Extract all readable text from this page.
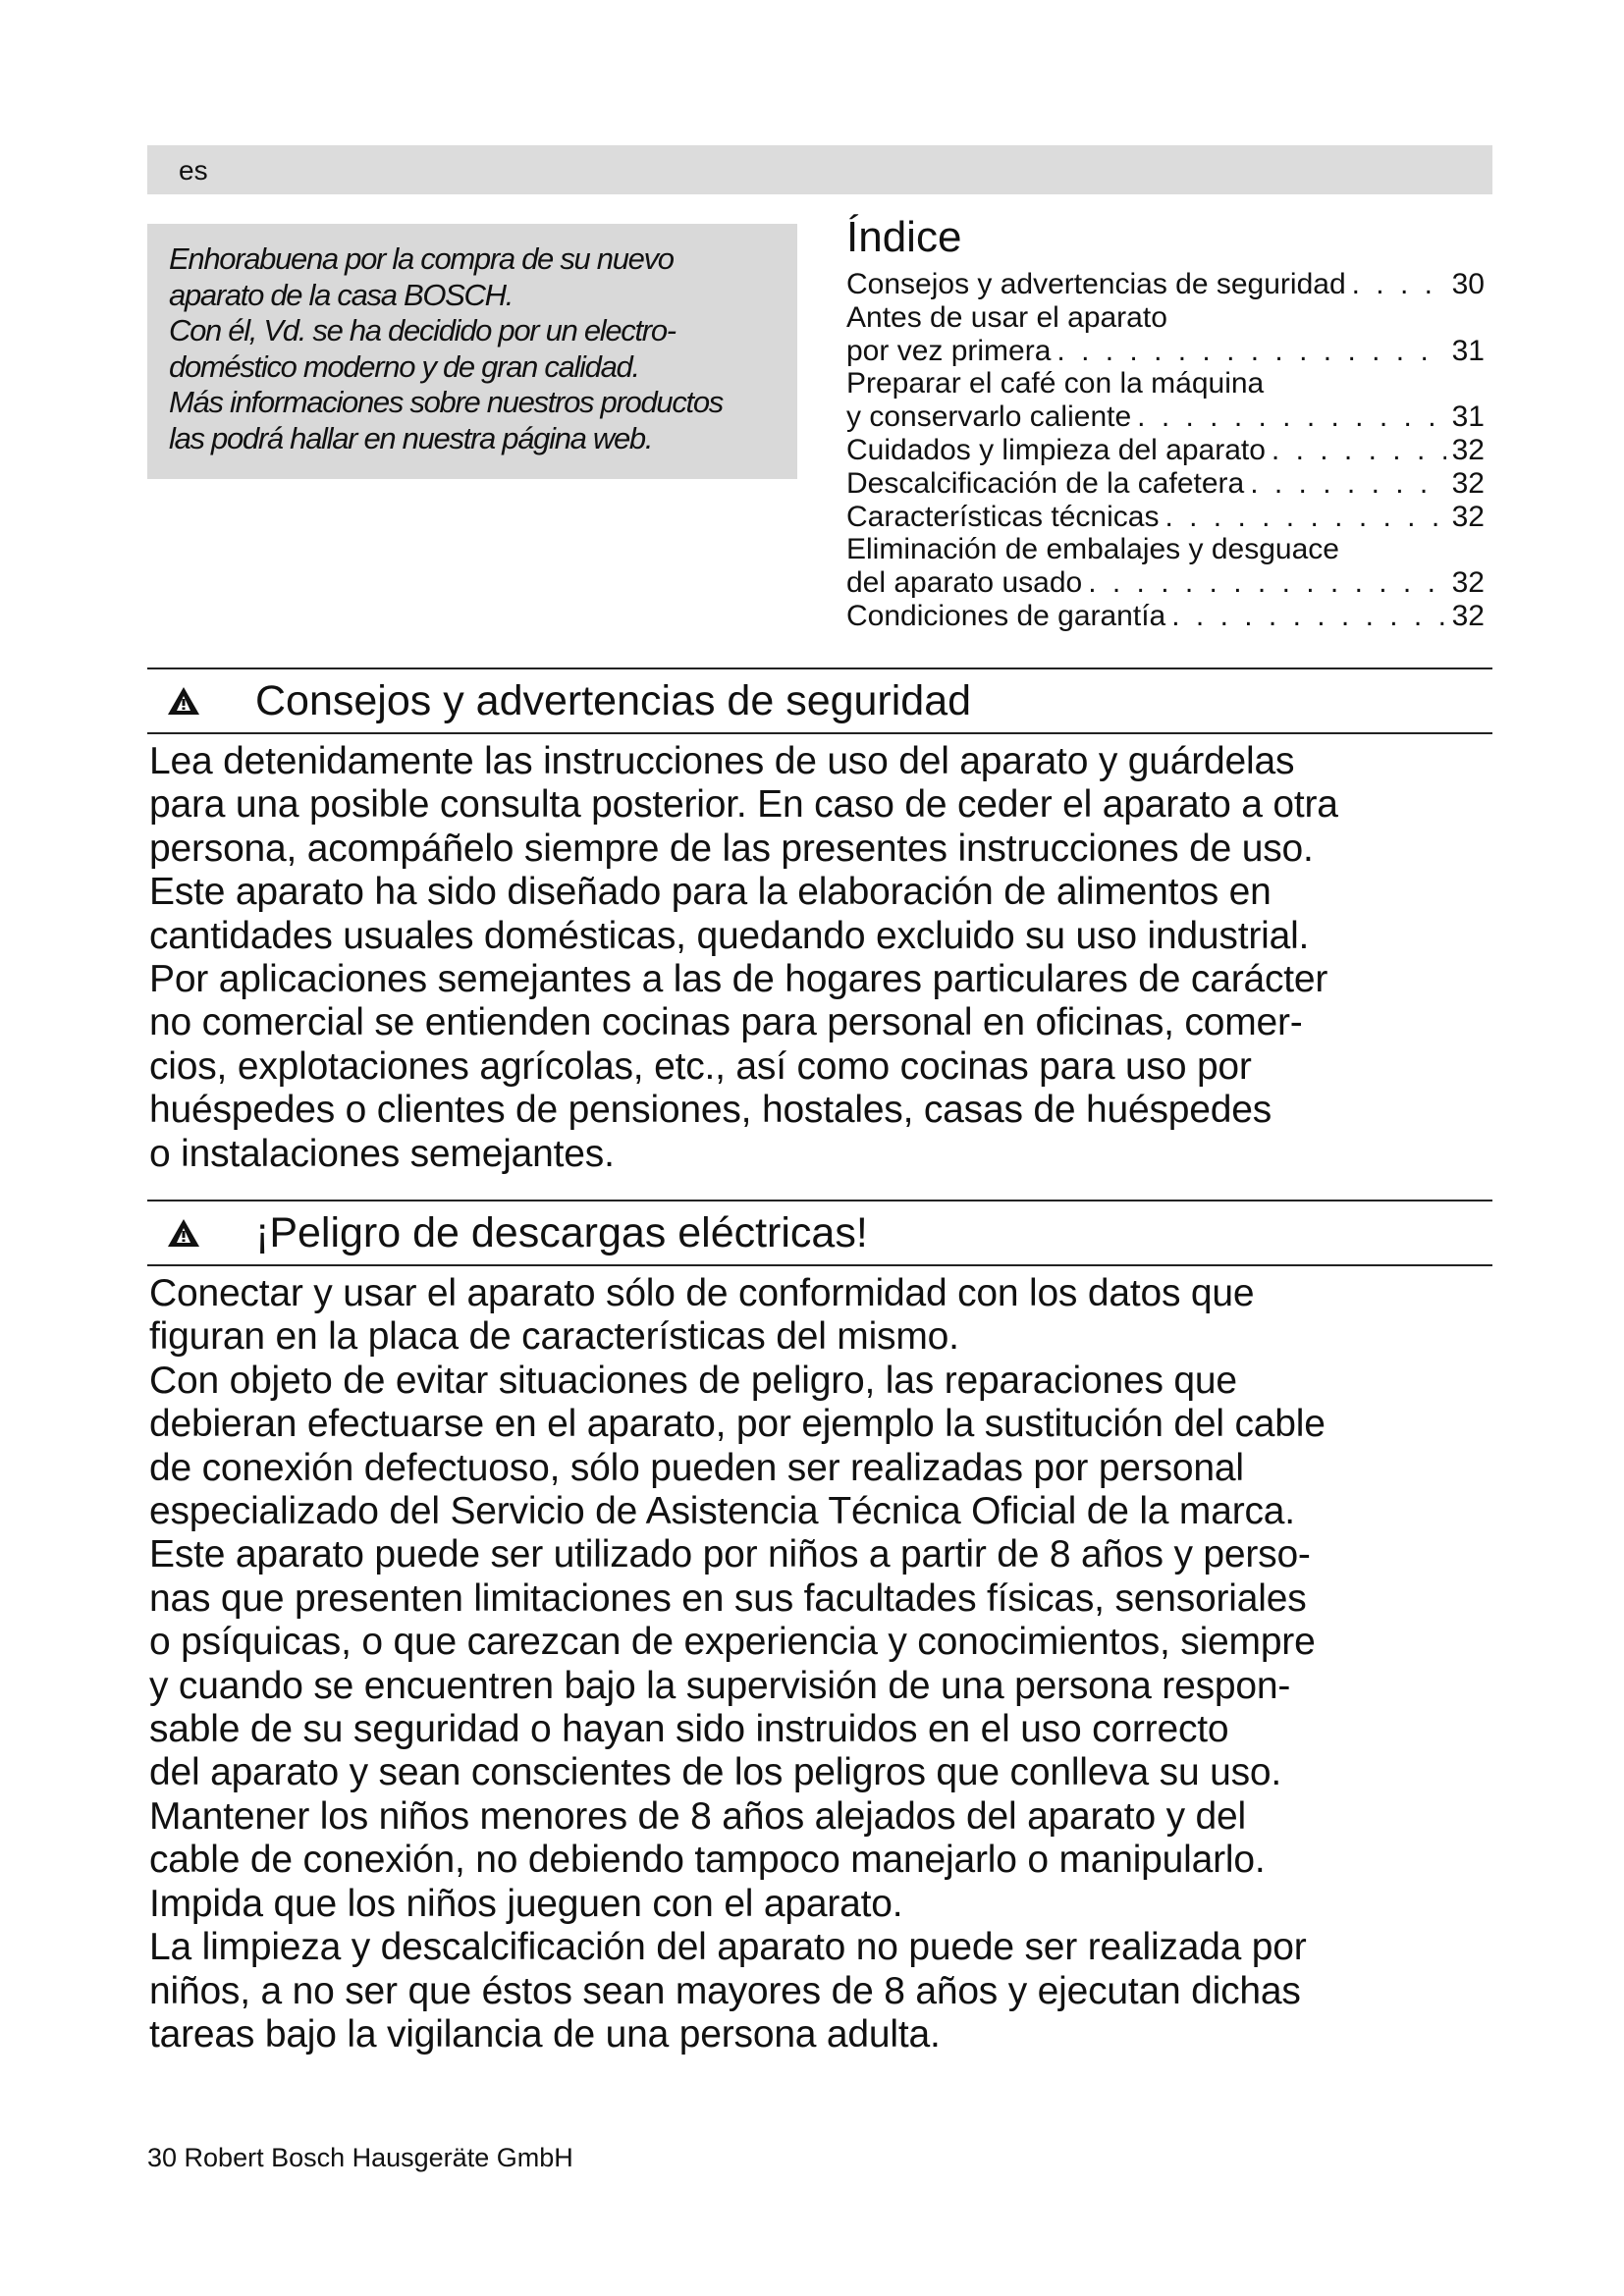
es

Enhorabuena por la compra de su nuevo

aparato de la casa BOSCH.

Con él, Vd. se ha decidido por un electro-

doméstico moderno y de gran calidad.

Más informaciones sobre nuestros productos

las podrá hallar en nuestra página web.

Índice
Consejos y advertencias de seguridad . . .	30
Antes de usar el aparato
por vez primera . . .	31
Preparar el café con la máquina
y conservarlo caliente . . .	31
Cuidados y limpieza del aparato . . .	32
Descalcificación de la cafetera . . .	32
Características técnicas . . .	32
Eliminación de embalajes y desguace
del aparato usado . . .	32
Condiciones de garantía . . .	32
Consejos y advertencias de seguridad

Lea detenidamente las instrucciones de uso del aparato y guárdelas

para una posible consulta posterior. En caso de ceder el aparato a otra

persona, acompáñelo siempre de las presentes instrucciones de uso.

Este aparato ha sido diseñado para la elaboración de alimentos en

cantidades usuales domésticas, quedando excluido su uso industrial.

Por aplicaciones semejantes a las de hogares particulares de carácter

no comercial se entienden cocinas para personal en oficinas, comer-

cios, explotaciones agrícolas, etc., así como cocinas para uso por

huéspedes o clientes de pensiones, hostales, casas de huéspedes

o instalaciones semejantes.

¡Peligro de descargas eléctricas!

Conectar y usar el aparato sólo de conformidad con los datos que

figuran en la placa de características del mismo.

Con objeto de evitar situaciones de peligro, las reparaciones que

debieran efectuarse en el aparato, por ejemplo la sustitución del cable

de conexión defectuoso, sólo pueden ser realizadas por personal

especializado del Servicio de Asistencia Técnica Oficial de la marca.

Este aparato puede ser utilizado por niños a partir de 8 años y perso-

nas que presenten limitaciones en sus facultades físicas, sensoriales

o psíquicas, o que carezcan de experiencia y conocimientos, siempre

y cuando se encuentren bajo la supervisión de una persona respon-

sable de su seguridad o hayan sido instruidos en el uso correcto

del aparato y sean conscientes de los peligros que conlleva su uso.

Mantener los niños menores de 8 años alejados del aparato y del

cable de conexión, no debiendo tampoco manejarlo o manipularlo.

Impida que los niños jueguen con el aparato.

La limpieza y descalcificación del aparato no puede ser realizada por

niños, a no ser que éstos sean mayores de 8 años y ejecutan dichas

tareas bajo la vigilancia de una persona adulta.

30 Robert Bosch Hausgeräte GmbH
